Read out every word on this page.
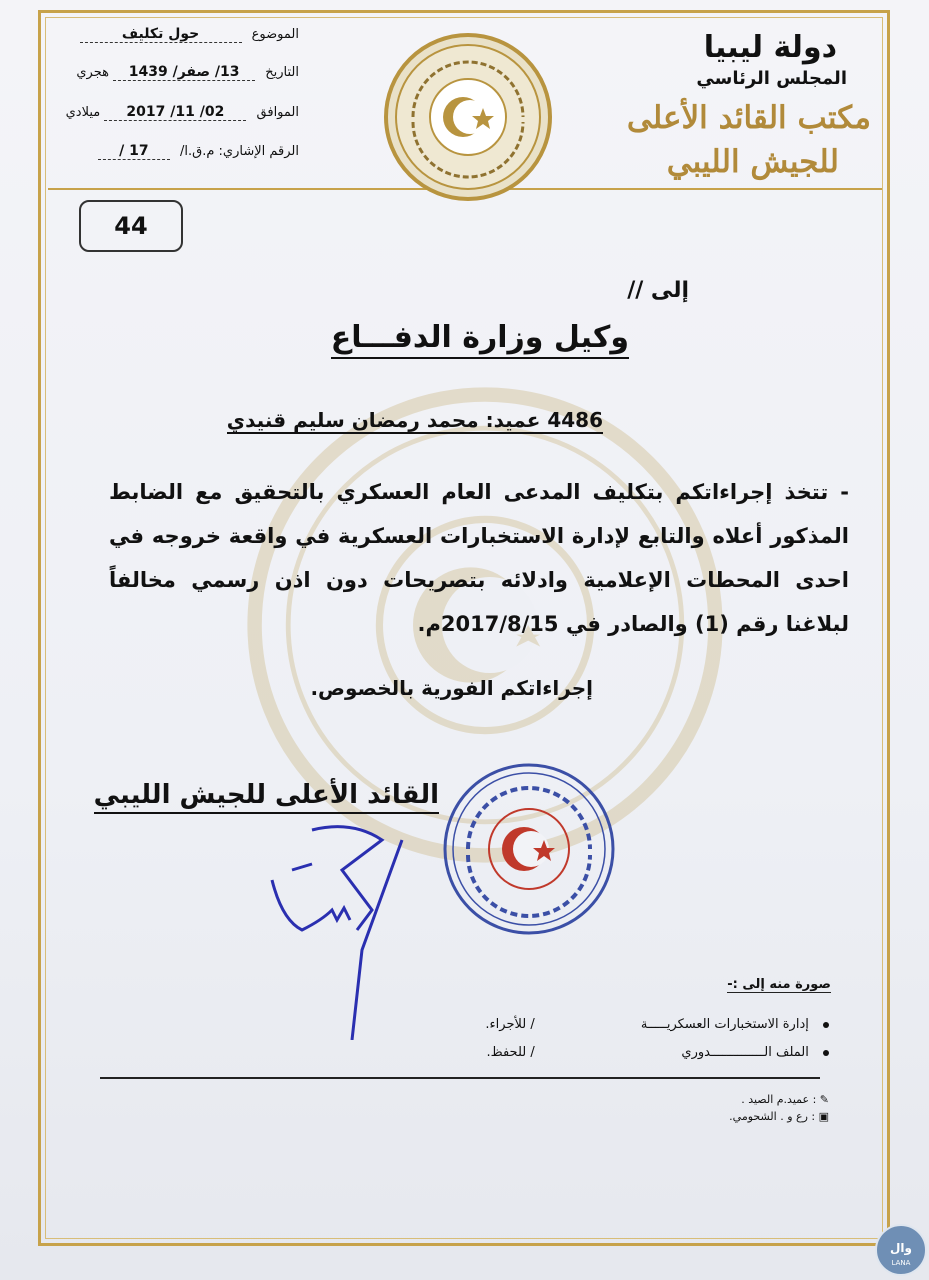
دولة ليبيا
المجلس الرئاسي
مكتب القائد الأعلى
للجيش الليبي
الموضوع حول تكليف
التاريخ 13/ صفر/ 1439 هجري
الموافق 02/ 11/ 2017 ميلادي
الرقم الإشاري: م.ق.ا/ 17 /
44
إلى //
وكيل وزارة الدفـــاع
4486 عميد: محمد رمضان سليم قنيدي
- تتخذ إجراءاتكم بتكليف المدعى العام العسكري بالتحقيق مع الضابط المذكور أعلاه والتابع لإدارة الاستخبارات العسكرية في واقعة خروجه في احدى المحطات الإعلامية وادلائه بتصريحات دون اذن رسمي مخالفاً لبلاغنا رقم (1) والصادر في 2017/8/15م.
إجراءاتكم الفورية بالخصوص.
القائد الأعلى للجيش الليبي
صورة منه إلى :-
إدارة الاستخبارات العسكريـــــة / للأجراء.
الملف الــــــــــــــدوري / للحفظ.
✎ : عميد.م الصيد .
▣ : رع و . الشحومي.
وال
LANA
